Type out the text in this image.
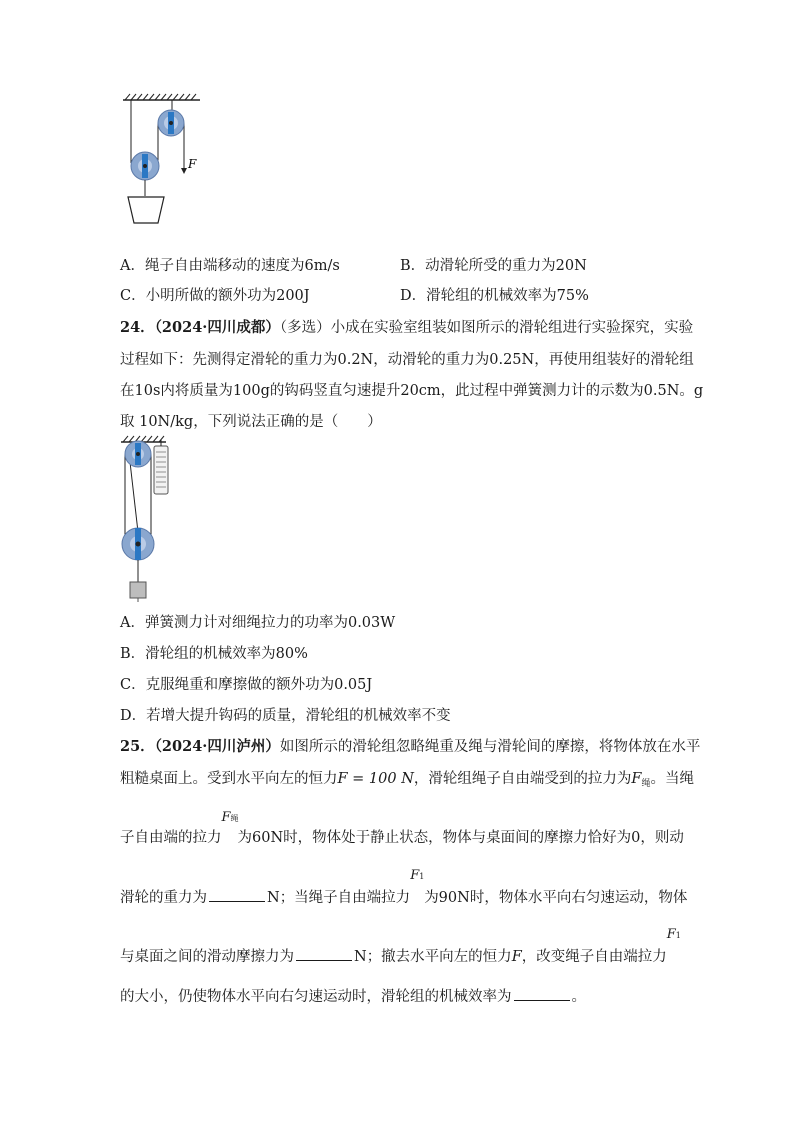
F
A．绳子自由端移动的速度为6m/s	B．动滑轮所受的重力为20N
C．小明所做的额外功为200J	D．滑轮组的机械效率为75%
24．（2024·四川成都）（多选）小成在实验室组装如图所示的滑轮组进行实验探究，实验
过程如下：先测得定滑轮的重力为0.2N，动滑轮的重力为0.25N，再使用组装好的滑轮组
在10s内将质量为100g的钩码竖直匀速提升20cm，此过程中弹簧测力计的示数为0.5N。g
取 10N/kg，下列说法正确的是（　　）
A．弹簧测力计对细绳拉力的功率为0.03W
B．滑轮组的机械效率为80%
C．克服绳重和摩擦做的额外功为0.05J
D．若增大提升钩码的质量，滑轮组的机械效率不变
25．（2024·四川泸州）如图所示的滑轮组忽略绳重及绳与滑轮间的摩擦，将物体放在水平
粗糙桌面上。受到水平向左的恒力F = 100 N，滑轮组绳子自由端受到的拉力为$F_绳$。当绳
子自由端的拉力
F绳
为60N时，物体处于静止状态，物体与桌面间的摩擦力恰好为0，则动
滑轮的重力为	N；当绳子自由端拉力
F1
为90N时，物体水平向右匀速运动，物体
与桌面之间的滑动摩擦力为	N；撤去水平向左的恒力F，改变绳子自由端拉力
F1
的大小，仍使物体水平向右匀速运动时，滑轮组的机械效率为	。
